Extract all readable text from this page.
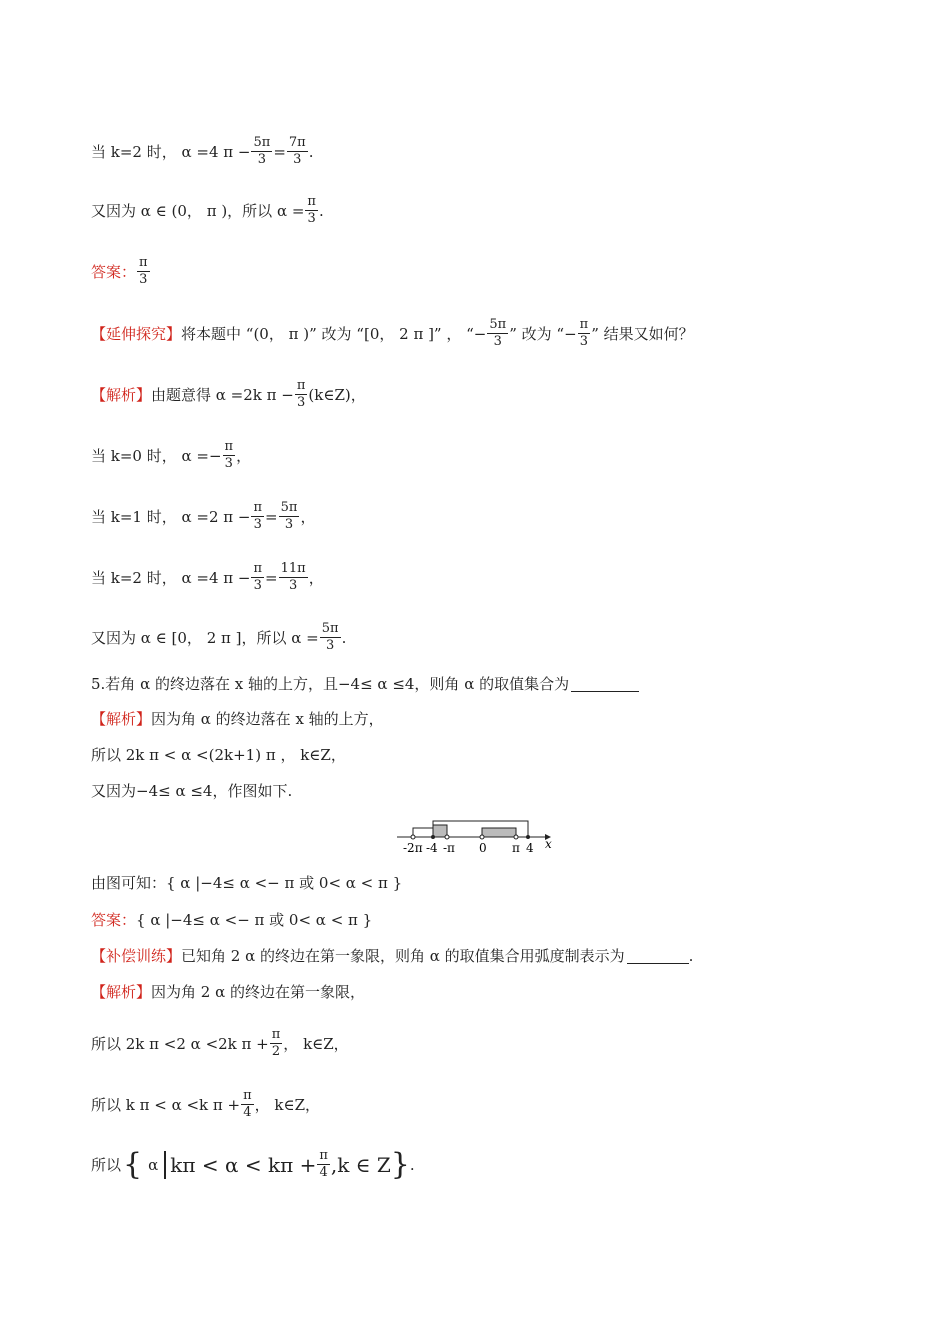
当 k=2 时， α =4 $\pi - \frac{5\pi}{3} = \frac{7\pi}{3}$ .
又因为 α ∈ (0， π )，所以 $\alpha = \frac{\pi}{3}$ .
答案： $\frac{\pi}{3}$
【延伸探究】 将本题中 “(0， π )” 改为 “[0， 2 π ]” ， “− $\frac{5\pi}{3}$ ” 改为 “− $\frac{\pi}{3}$ ” 结果又如何？
【解析】 由题意得 α =2k $\pi - \frac{\pi}{3}$ (k∈Z)，
当 k=0 时， $\alpha =- \frac{\pi}{3}$ ，
当 k=1 时， α =2 $\pi - \frac{\pi}{3} = \frac{5\pi}{3}$ ，
当 k=2 时， α =4 $\pi - \frac{\pi}{3} = \frac{11\pi}{3}$ ，
又因为 α ∈ [0， 2 π ]，所以 $\alpha = \frac{5\pi}{3}$ .
5.若角 α 的终边落在 x 轴的上方，且−4≤ α ≤4，则角 α 的取值集合为
【解析】 因为角 α 的终边落在 x 轴的上方，
所以 2k π < α <(2k+1) π ， k∈Z，
又因为−4≤ α ≤4，作图如下.
-2π -4 -π 0 π 4 x
由图可知：{ α |−4≤ α <− π 或 0< α < π }
答案： { α |−4≤ α <− π 或 0< α < π }
【补偿训练】 已知角 2 α 的终边在第一象限，则角 α 的取值集合用弧度制表示为	.
【解析】 因为角 2 α 的终边在第一象限，
所以 2k π <2 α <2k $\pi + \frac{\pi}{2}$ ， k∈Z，
所以 k π < α <k $\pi + \frac{\pi}{4}$ ， k∈Z，
所以 { α $k\pi < \alpha < k\pi + \frac{\pi}{4} ,k$ ∈ Z } .
